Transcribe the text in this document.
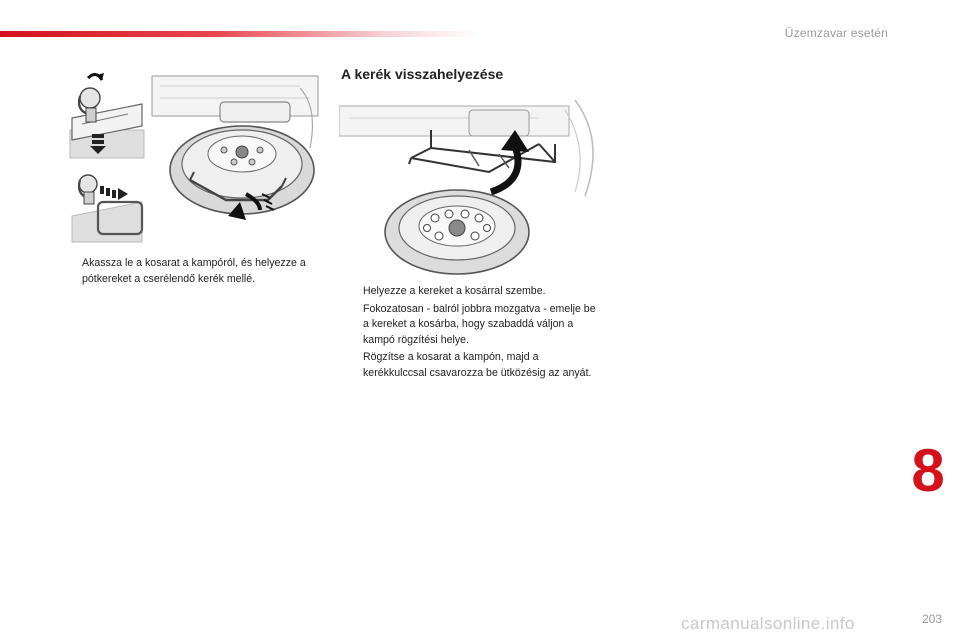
Üzemzavar esetén
Akassza le a kosarat a kampóról, és helyezze a pótkereket a cserélendő kerék mellé.
A kerék visszahelyezése
Helyezze a kereket a kosárral szembe.
Fokozatosan - balról jobbra mozgatva - emelje be a kereket a kosárba, hogy szabaddá váljon a kampó rögzítési helye.
Rögzítse a kosarat a kampón, majd a kerékkulccsal csavarozza be ütközésig az anyát.
8
carmanualsonline.info	203
